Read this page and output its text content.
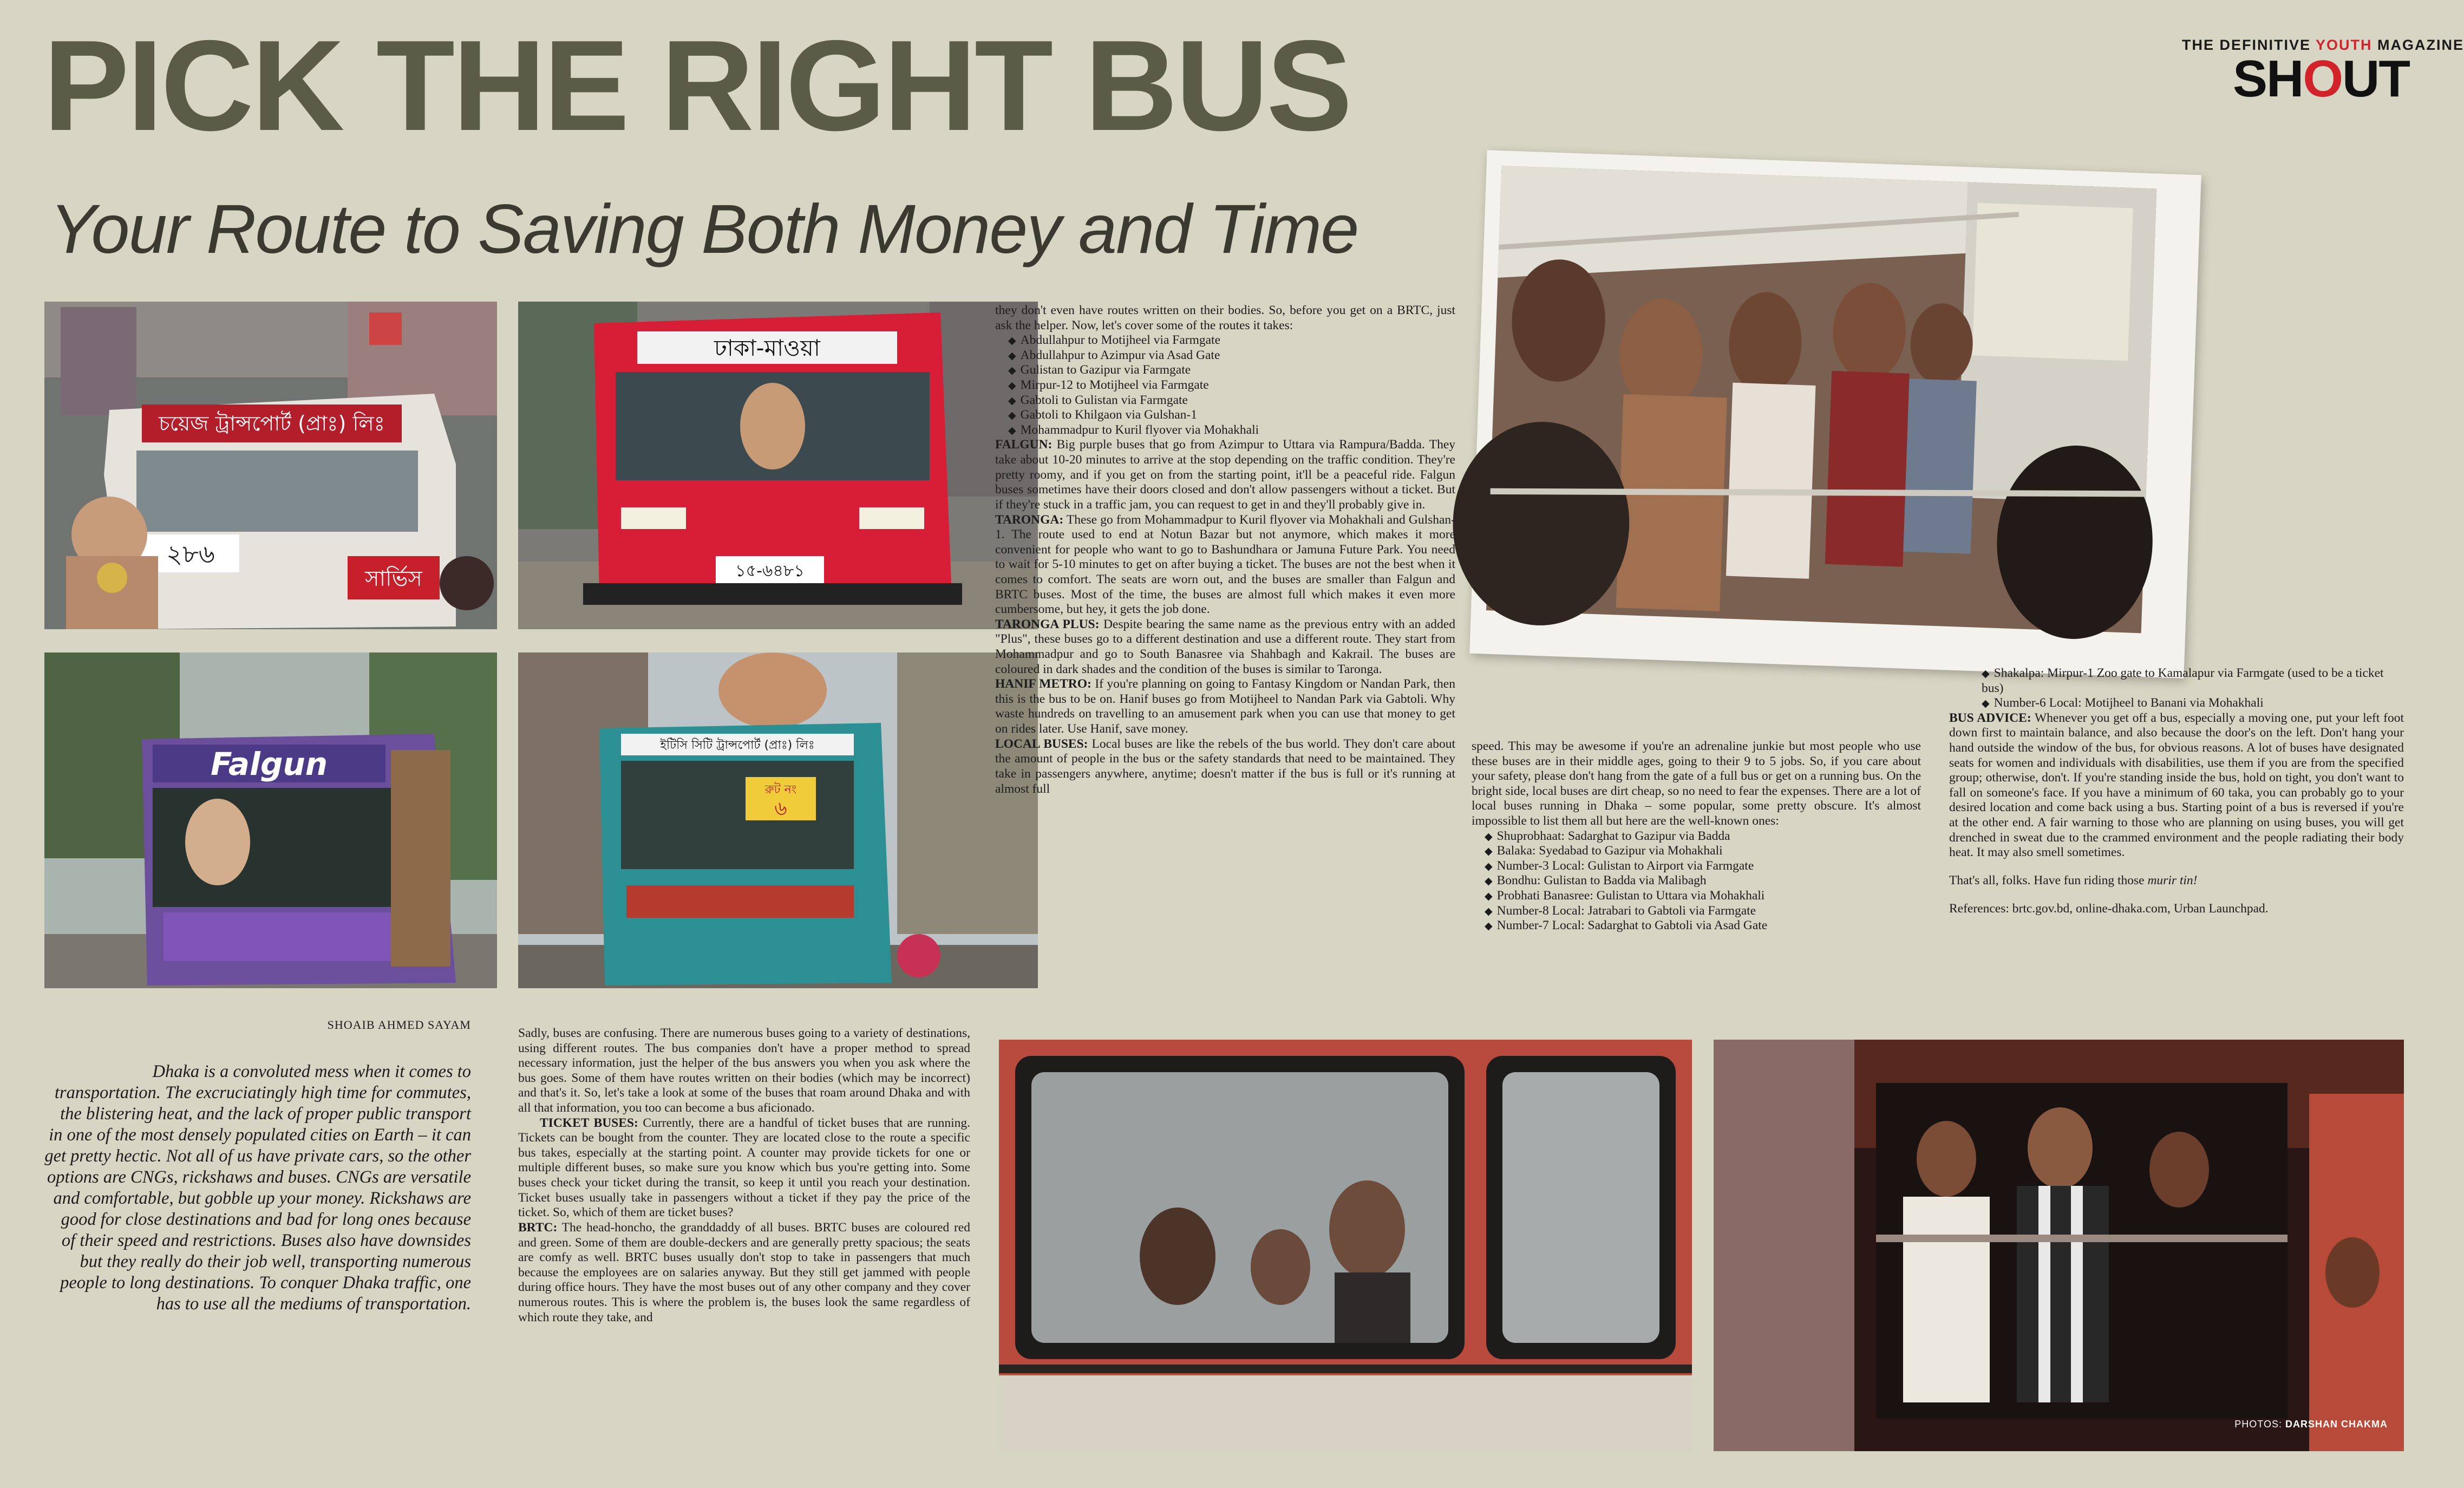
PICK THE RIGHT BUS
Your Route to Saving Both Money and Time
THE DEFINITIVE YOUTH MAGAZINE
SHOUT
চয়েজ ট্রান্সপোর্ট (প্রাঃ) লিঃ
২৮৬
সার্ভিস
ঢাকা-মাওয়া
১৫-৬৪৮১
Falgun
ইটিসি সিটি ট্রান্সপোর্ট (প্রাঃ) লিঃ
রুট নং
৬
PHOTOS: DARSHAN CHAKMA
SHOAIB AHMED SAYAM
Dhaka is a convoluted mess when it comes to transportation. The excruciatingly high time for commutes, the blistering heat, and the lack of proper public transport in one of the most densely populated cities on Earth – it can get pretty hectic. Not all of us have private cars, so the other options are CNGs, rickshaws and buses. CNGs are versatile and comfortable, but gobble up your money. Rickshaws are good for close destinations and bad for long ones because of their speed and restrictions. Buses also have downsides but they really do their job well, transporting numerous people to long destinations. To conquer Dhaka traffic, one has to use all the mediums of transportation.

Sadly, buses are confusing. There are numerous buses going to a variety of destinations, using different routes. The bus companies don't have a proper method to spread necessary information, just the helper of the bus answers you when you ask where the bus goes. Some of them have routes written on their bodies (which may be incorrect) and that's it. So, let's take a look at some of the buses that roam around Dhaka and with all that information, you too can become a bus aficionado.

TICKET BUSES: Currently, there are a handful of ticket buses that are running. Tickets can be bought from the counter. They are located close to the route a specific bus takes, especially at the starting point. A counter may provide tickets for one or multiple different buses, so make sure you know which bus you're getting into. Some buses check your ticket during the transit, so keep it until you reach your destination. Ticket buses usually take in passengers without a ticket if they pay the price of the ticket. So, which of them are ticket buses?

BRTC: The head-honcho, the granddaddy of all buses. BRTC buses are coloured red and green. Some of them are double-deckers and are generally pretty spacious; the seats are comfy as well. BRTC buses usually don't stop to take in passengers that much because the employees are on salaries anyway. But they still get jammed with people during office hours. They have the most buses out of any other company and they cover numerous routes. This is where the problem is, the buses look the same regardless of which route they take, and

they don't even have routes written on their bodies. So, before you get on a BRTC, just ask the helper. Now, let's cover some of the routes it takes:

◆ Abdullahpur to Motijheel via Farmgate
◆ Abdullahpur to Azimpur via Asad Gate
◆ Gulistan to Gazipur via Farmgate
◆ Mirpur-12 to Motijheel via Farmgate
◆ Gabtoli to Gulistan via Farmgate
◆ Gabtoli to Khilgaon via Gulshan-1
◆ Mohammadpur to Kuril flyover via Mohakhali

FALGUN: Big purple buses that go from Azimpur to Uttara via Rampura/Badda. They take about 10-20 minutes to arrive at the stop depending on the traffic condition. They're pretty roomy, and if you get on from the starting point, it'll be a peaceful ride. Falgun buses sometimes have their doors closed and don't allow passengers without a ticket. But if they're stuck in a traffic jam, you can request to get in and they'll probably give in.

TARONGA: These go from Mohammadpur to Kuril flyover via Mohakhali and Gulshan-1. The route used to end at Notun Bazar but not anymore, which makes it more convenient for people who want to go to Bashundhara or Jamuna Future Park. You need to wait for 5-10 minutes to get on after buying a ticket. The buses are not the best when it comes to comfort. The seats are worn out, and the buses are smaller than Falgun and BRTC buses. Most of the time, the buses are almost full which makes it even more cumbersome, but hey, it gets the job done.

TARONGA PLUS: Despite bearing the same name as the previous entry with an added "Plus", these buses go to a different destination and use a different route. They start from Mohammadpur and go to South Banasree via Shahbagh and Kakrail. The buses are coloured in dark shades and the condition of the buses is similar to Taronga.

HANIF METRO: If you're planning on going to Fantasy Kingdom or Nandan Park, then this is the bus to be on. Hanif buses go from Motijheel to Nandan Park via Gabtoli. Why waste hundreds on travelling to an amusement park when you can use that money to get on rides later. Use Hanif, save money.

LOCAL BUSES: Local buses are like the rebels of the bus world. They don't care about the amount of people in the bus or the safety standards that need to be maintained. They take in passengers anywhere, anytime; doesn't matter if the bus is full or it's running at almost full

speed. This may be awesome if you're an adrenaline junkie but most people who use these buses are in their middle ages, going to their 9 to 5 jobs. So, if you care about your safety, please don't hang from the gate of a full bus or get on a running bus. On the bright side, local buses are dirt cheap, so no need to fear the expenses. There are a lot of local buses running in Dhaka – some popular, some pretty obscure. It's almost impossible to list them all but here are the well-known ones:

◆ Shuprobhaat: Sadarghat to Gazipur via Badda
◆ Balaka: Syedabad to Gazipur via Mohakhali
◆ Number-3 Local: Gulistan to Airport via Farmgate
◆ Bondhu: Gulistan to Badda via Malibagh
◆ Probhati Banasree: Gulistan to Uttara via Mohakhali
◆ Number-8 Local: Jatrabari to Gabtoli via Farmgate
◆ Number-7 Local: Sadarghat to Gabtoli via Asad Gate
◆ Shakalpa: Mirpur-1 Zoo gate to Kamalapur via Farmgate (used to be a ticket bus)
◆ Number-6 Local: Motijheel to Banani via Mohakhali

BUS ADVICE: Whenever you get off a bus, especially a moving one, put your left foot down first to maintain balance, and also because the door's on the left. Don't hang your hand outside the window of the bus, for obvious reasons. A lot of buses have designated seats for women and individuals with disabilities, use them if you are from the specified group; otherwise, don't. If you're standing inside the bus, hold on tight, you don't want to fall on someone's face. If you have a minimum of 60 taka, you can probably go to your desired location and come back using a bus. Starting point of a bus is reversed if you're at the other end. A fair warning to those who are planning on using buses, you will get drenched in sweat due to the crammed environment and the people radiating their body heat. It may also smell sometimes.

That's all, folks. Have fun riding those murir tin!

References: brtc.gov.bd, online-dhaka.com, Urban Launchpad.
